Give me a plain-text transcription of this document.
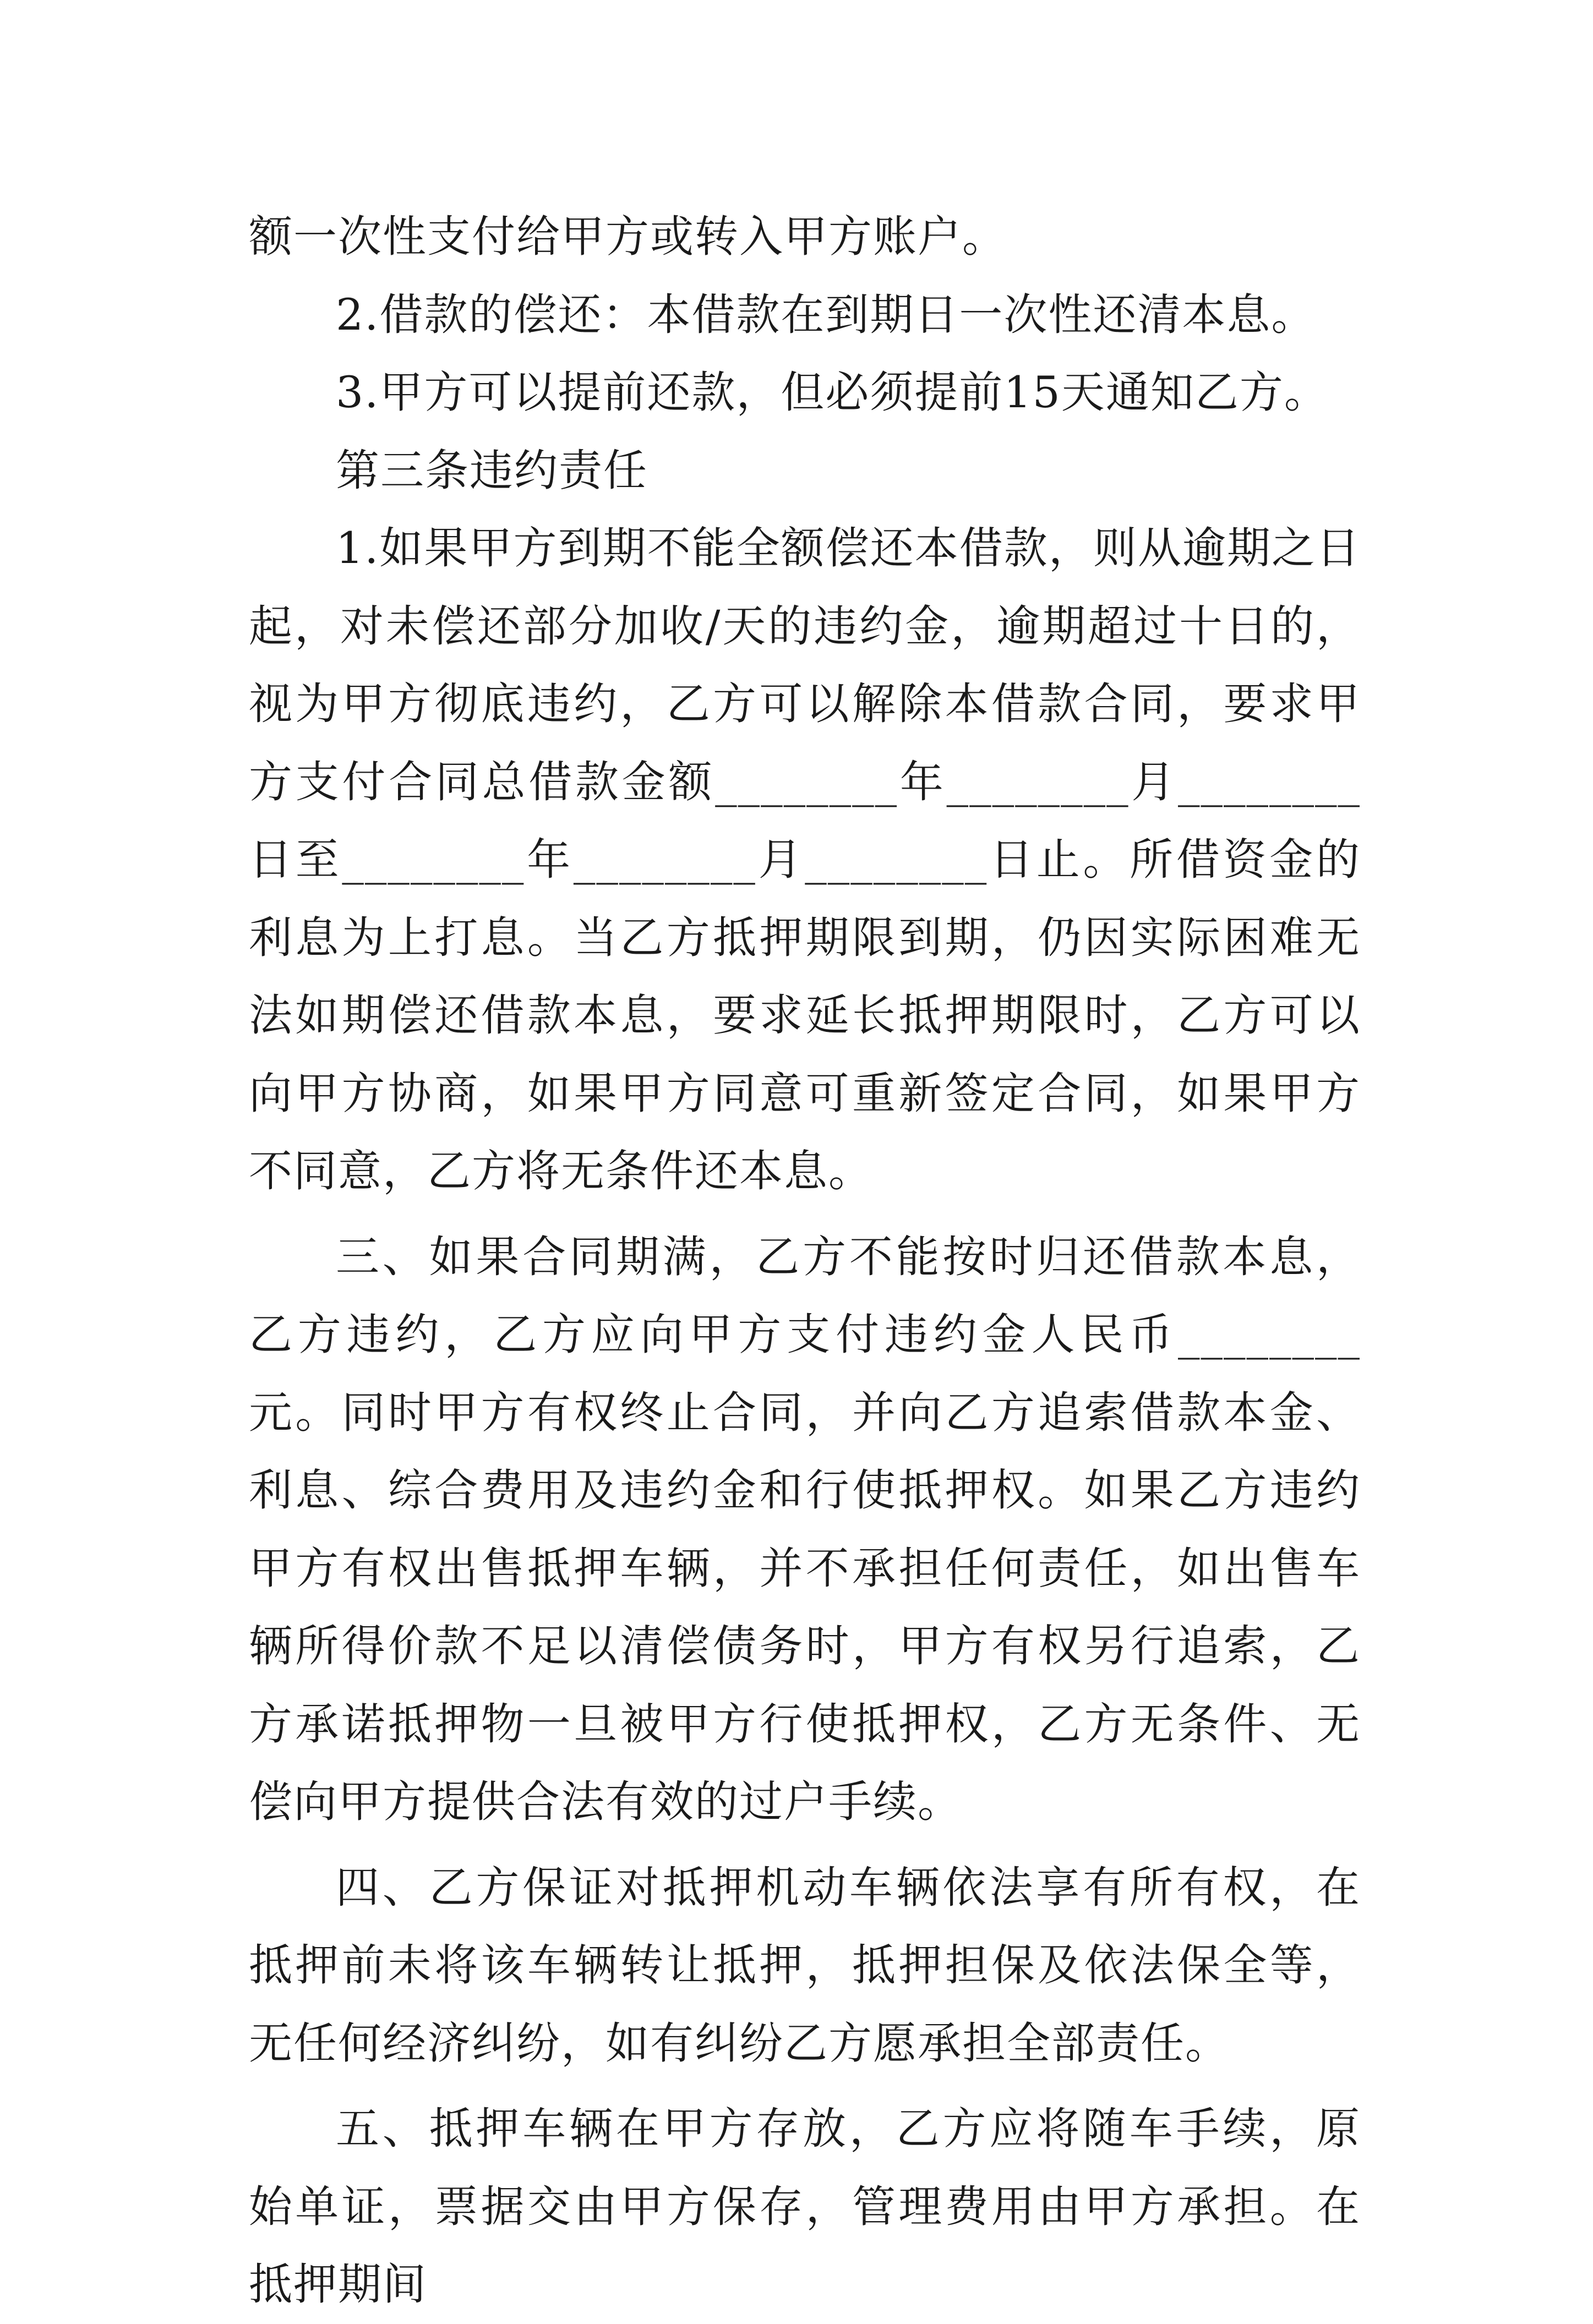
额一次性支付给甲方或转入甲方账户。

2.借款的偿还：本借款在到期日一次性还清本息。

3.甲方可以提前还款，但必须提前15天通知乙方。

第三条违约责任

1.如果甲方到期不能全额偿还本借款，则从逾期之日起，对未偿还部分加收/天的违约金，逾期超过十日的，视为甲方彻底违约，乙方可以解除本借款合同，要求甲方支付合同总借款金额________年________月________日至________年________月________日止。所借资金的利息为上打息。当乙方抵押期限到期，仍因实际困难无法如期偿还借款本息，要求延长抵押期限时，乙方可以向甲方协商，如果甲方同意可重新签定合同，如果甲方不同意，乙方将无条件还本息。

三、如果合同期满，乙方不能按时归还借款本息，乙方违约，乙方应向甲方支付违约金人民币________元。同时甲方有权终止合同，并向乙方追索借款本金、利息、综合费用及违约金和行使抵押权。如果乙方违约甲方有权出售抵押车辆，并不承担任何责任，如出售车辆所得价款不足以清偿债务时，甲方有权另行追索，乙方承诺抵押物一旦被甲方行使抵押权，乙方无条件、无偿向甲方提供合法有效的过户手续。

四、乙方保证对抵押机动车辆依法享有所有权，在抵押前未将该车辆转让抵押，抵押担保及依法保全等，无任何经济纠纷，如有纠纷乙方愿承担全部责任。

五、抵押车辆在甲方存放，乙方应将随车手续，原始单证，票据交由甲方保存，管理费用由甲方承担。在抵押期间
